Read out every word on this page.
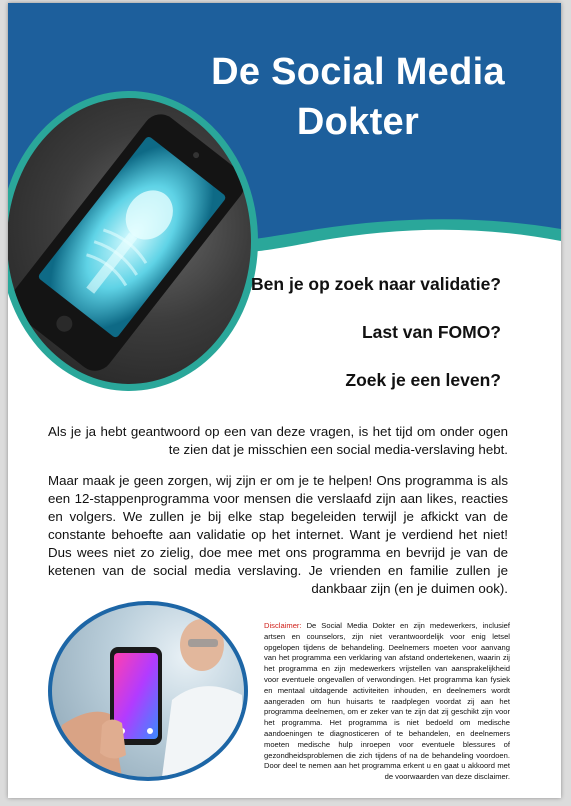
De Social Media
Dokter
Ben je op zoek naar validatie?
Last van FOMO?
Zoek je een leven?
Als je ja hebt geantwoord op een van deze vragen, is het tijd om onder ogen te zien dat je misschien een social media-verslaving hebt.
Maar maak je geen zorgen, wij zijn er om je te helpen! Ons programma is als een 12-stappenprogramma voor mensen die verslaafd zijn aan likes, reacties en volgers. We zullen je bij elke stap begeleiden terwijl je afkickt van de constante behoefte aan validatie op het internet. Want je verdiend het niet! Dus wees niet zo zielig, doe mee met ons programma en bevrijd je van de ketenen van de social media verslaving. Je vrienden en familie zullen je dankbaar zijn (en je duimen ook).
Disclaimer: De Social Media Dokter en zijn medewerkers, inclusief artsen en counselors, zijn niet verantwoordelijk voor enig letsel opgelopen tijdens de behandeling. Deelnemers moeten voor aanvang van het programma een verklaring van afstand ondertekenen, waarin zij het programma en zijn medewerkers vrijstellen van aansprakelijkheid voor eventuele ongevallen of verwondingen. Het programma kan fysiek en mentaal uitdagende activiteiten inhouden, en deelnemers wordt aangeraden om hun huisarts te raadplegen voordat zij aan het programma deelnemen, om er zeker van te zijn dat zij geschikt zijn voor het programma. Het programma is niet bedoeld om medische aandoeningen te diagnosticeren of te behandelen, en deelnemers moeten medische hulp inroepen voor eventuele blessures of gezondheidsproblemen die zich tijdens of na de behandeling voordoen. Door deel te nemen aan het programma erkent u en gaat u akkoord met de voorwaarden van deze disclaimer.
